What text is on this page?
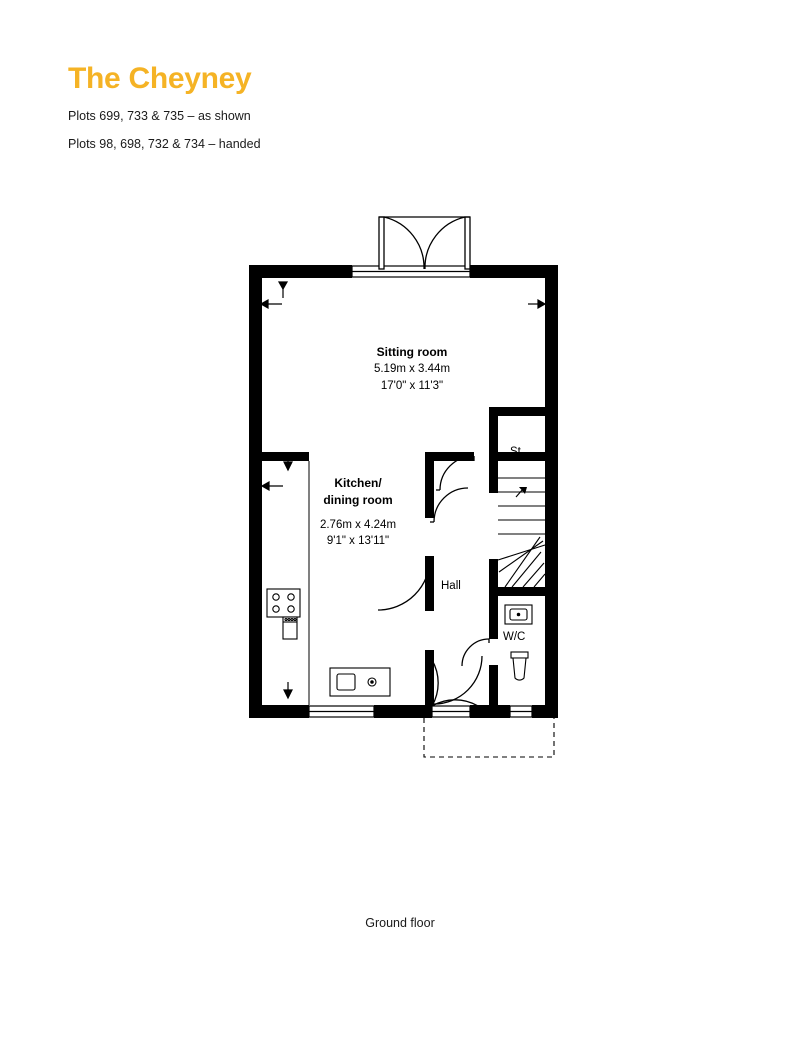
The Cheyney

Plots 699, 733 & 735 – as shown

Plots 98, 698, 732 & 734 – handed

Sitting room
5.19m x 3.44m
17'0" x 11'3"
Kitchen/
dining room
2.76m x 4.24m
9'1" x 13'11"
Hall
St
W/C
Ground floor
